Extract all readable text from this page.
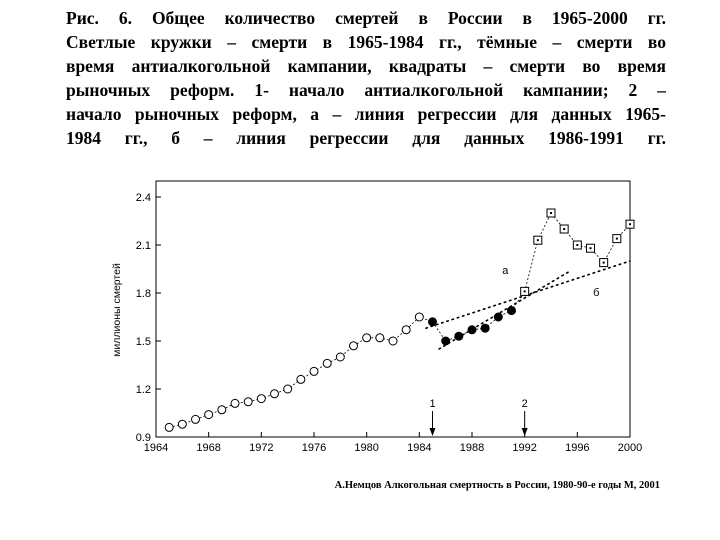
Рис. 6. Общее количество смертей в России в 1965-2000 гг.
Светлые кружки – смерти в 1965-1984 гг., тёмные – смерти во
время антиалкогольной кампании, квадраты – смерти во время
рыночных реформ. 1- начало антиалкогольной кампании; 2 –
начало рыночных реформ, а – линия регрессии для данных 1965-
1984 гг., б – линия регрессии для данных 1986-1991 гг.
1964	1968	1972	1976	1980	1984	1988	1992	1996	2000
0.9
1.2
1.5
1.8
2.1
2.4
а
б
1	2
миллионы смертей
А.Немцов Алкогольная смертность в России, 1980-90-е годы М, 2001
